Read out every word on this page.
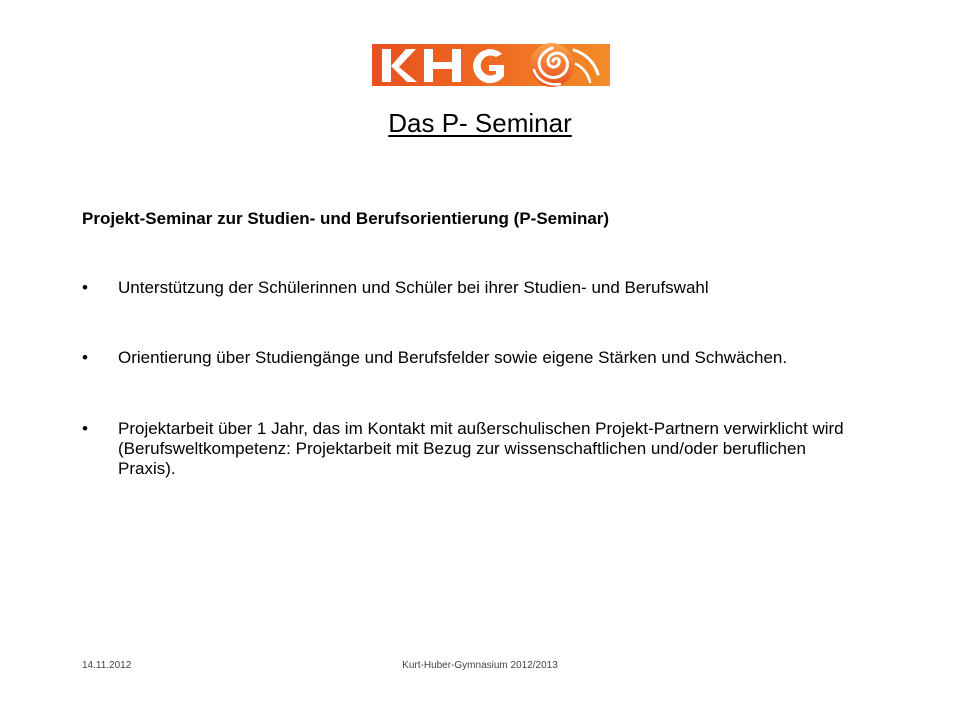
Das P- Seminar
Projekt-Seminar zur Studien- und Berufsorientierung (P-Seminar)
•	Unterstützung der Schülerinnen und Schüler bei ihrer Studien- und Berufswahl
•	Orientierung über Studiengänge und Berufsfelder sowie eigene Stärken und Schwächen.
•	Projektarbeit über 1 Jahr, das im Kontakt mit außerschulischen Projekt-Partnern verwirklicht wird (Berufsweltkompetenz: Projektarbeit mit Bezug zur wissenschaftlichen und/oder beruflichen Praxis).
14.11.2012	Kurt-Huber-Gymnasium 2012/2013
